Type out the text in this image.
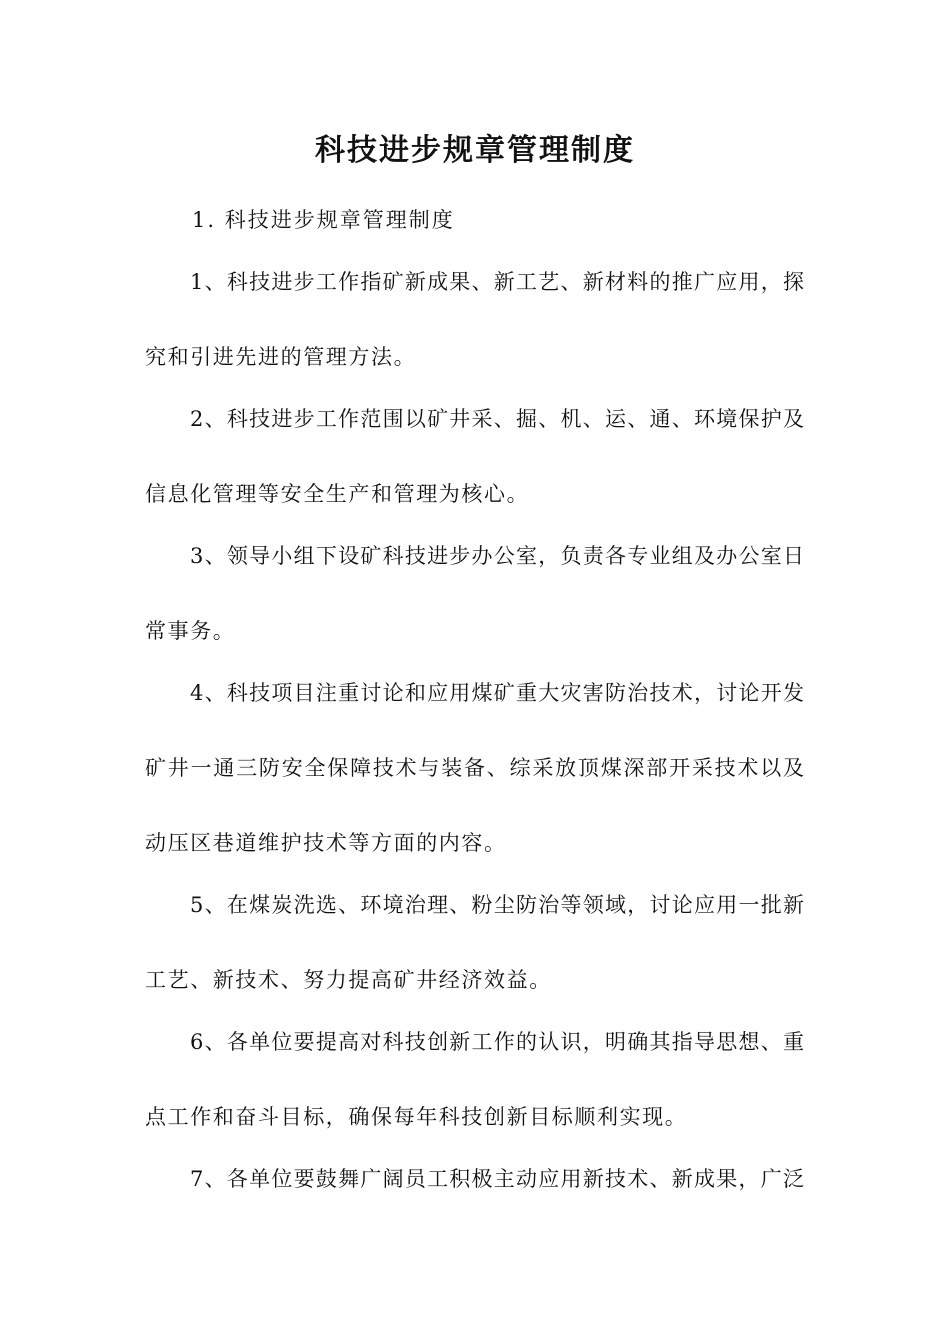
科技进步规章管理制度
1. 科技进步规章管理制度
1、科技进步工作指矿新成果、新工艺、新材料的推广应用，探
究和引进先进的管理方法。
2、科技进步工作范围以矿井采、掘、机、运、通、环境保护及
信息化管理等安全生产和管理为核心。
3、领导小组下设矿科技进步办公室，负责各专业组及办公室日
常事务。
4、科技项目注重讨论和应用煤矿重大灾害防治技术，讨论开发
矿井一通三防安全保障技术与装备、综采放顶煤深部开采技术以及
动压区巷道维护技术等方面的内容。
5、在煤炭洗选、环境治理、粉尘防治等领域，讨论应用一批新
工艺、新技术、努力提高矿井经济效益。
6、各单位要提高对科技创新工作的认识，明确其指导思想、重
点工作和奋斗目标，确保每年科技创新目标顺利实现。
7、各单位要鼓舞广阔员工积极主动应用新技术、新成果，广泛
